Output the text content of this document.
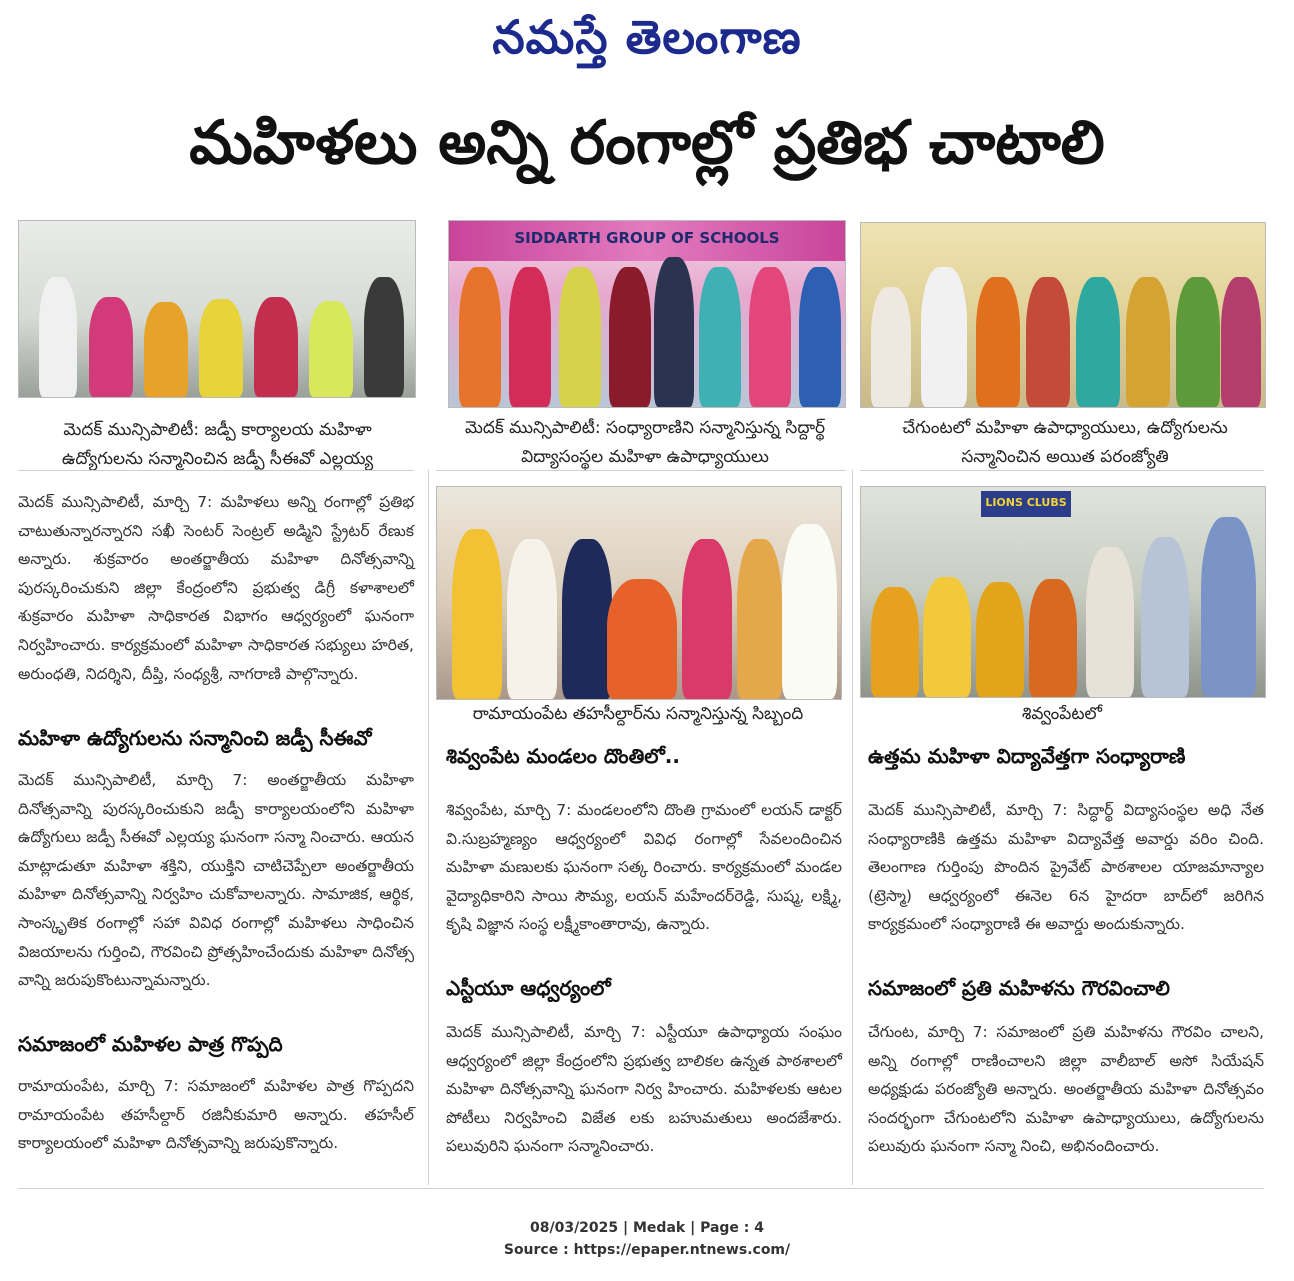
నమస్తే తెలంగాణ
మహిళలు అన్ని రంగాల్లో ప్రతిభ చాటాలి
మెదక్ మున్సిపాలిటీ: జడ్పీ కార్యాలయ మహిళా ఉద్యోగులను సన్మానించిన జడ్పీ సీఈవో ఎల్లయ్య
SIDDARTH GROUP OF SCHOOLS
మెదక్ మున్సిపాలిటీ: సంధ్యారాణిని సన్మానిస్తున్న సిద్దార్థ్ విద్యాసంస్థల మహిళా ఉపాధ్యాయులు
చేగుంటలో మహిళా ఉపాధ్యాయులు, ఉద్యోగులను సన్మానించిన అయిత పరంజ్యోతి
రామాయంపేట తహసీల్దార్‌ను సన్మానిస్తున్న సిబ్బంది
LIONS CLUBS
శివ్వంపేటలో
మెదక్ మున్సిపాలిటీ, మార్చి 7: మహిళలు అన్ని రంగాల్లో ప్రతిభ చాటుతున్నారన్నారని సఖీ సెంటర్ సెంట్రల్ అడ్మిని స్ట్రేటర్ రేణుక అన్నారు. శుక్రవారం అంతర్జాతీయ మహిళా దినోత్సవాన్ని పురస్కరించుకుని జిల్లా కేంద్రంలోని ప్రభుత్వ డిగ్రీ కళాశాలలో శుక్రవారం మహిళా సాధికారత విభాగం ఆధ్వర్యంలో ఘనంగా నిర్వహించారు. కార్యక్రమంలో మహిళా సాధికారత సభ్యులు హరిత, అరుంధతి, నిదర్శిని, దీప్తి, సంధ్యశ్రీ, నాగరాణి పాల్గొన్నారు.
మహిళా ఉద్యోగులను సన్మానించి జడ్పీ సీఈవో
మెదక్ మున్సిపాలిటీ, మార్చి 7: అంతర్జాతీయ మహిళా దినోత్సవాన్ని పురస్కరించుకుని జడ్పీ కార్యాలయంలోని మహిళా ఉద్యోగులు జడ్పీ సీఈవో ఎల్లయ్య ఘనంగా సన్మా నించారు. ఆయన మాట్లాడుతూ మహిళా శక్తిని, యుక్తిని చాటిచెప్పేలా అంతర్జాతీయ మహిళా దినోత్సవాన్ని నిర్వహిం చుకోవాలన్నారు. సామాజిక, ఆర్థిక, సాంస్కృతిక రంగాల్లో సహా వివిధ రంగాల్లో మహిళలు సాధించిన విజయాలను గుర్తించి, గౌరవించి ప్రోత్సహించేందుకు మహిళా దినోత్స వాన్ని జరుపుకొంటున్నామన్నారు.
సమాజంలో మహిళల పాత్ర గొప్పది
రామాయంపేట, మార్చి 7: సమాజంలో మహిళల పాత్ర గొప్పదని రామాయంపేట తహసీల్దార్ రజినీకుమారి అన్నారు. తహసీల్ కార్యాలయంలో మహిళా దినోత్సవాన్ని జరుపుకొన్నారు.
శివ్వంపేట మండలం దొంతిలో..
శివ్వంపేట, మార్చి 7: మండలంలోని దొంతి గ్రామంలో లయన్ డాక్టర్ వి.సుబ్రహ్మణ్యం ఆధ్వర్యంలో వివిధ రంగాల్లో సేవలందించిన మహిళా మణులకు ఘనంగా సత్క రించారు. కార్యక్రమంలో మండల వైద్యాధికారిని సాయి సౌమ్య, లయన్ మహేందర్‌రెడ్డి, సుష్మ, లక్ష్మి, కృషి విజ్ఞాన సంస్థ లక్ష్మీకాంతారావు, ఉన్నారు.
ఎస్టీయూ ఆధ్వర్యంలో
మెదక్ మున్సిపాలిటీ, మార్చి 7: ఎస్టీయూ ఉపాధ్యాయ సంఘం ఆధ్వర్యంలో జిల్లా కేంద్రంలోని ప్రభుత్వ బాలికల ఉన్నత పాఠశాలలో మహిళా దినోత్సవాన్ని ఘనంగా నిర్వ హించారు. మహిళలకు ఆటల పోటీలు నిర్వహించి విజేత లకు బహుమతులు అందజేశారు. పలువురిని ఘనంగా సన్మానించారు.
ఉత్తమ మహిళా విద్యావేత్తగా సంధ్యారాణి
మెదక్ మున్సిపాలిటీ, మార్చి 7: సిద్ధార్థ్ విద్యాసంస్థల అధి నేత సంధ్యారాణికి ఉత్తమ మహిళా విద్యావేత్త అవార్డు వరిం చింది. తెలంగాణ గుర్తింపు పొందిన ప్రైవేట్ పాఠశాలల యాజమాన్యాల (ట్రెస్మా) ఆధ్వర్యంలో ఈనెల 6న హైదరా బాద్‌లో జరిగిన కార్యక్రమంలో సంధ్యారాణి ఈ అవార్డు అందుకున్నారు.
సమాజంలో ప్రతి మహిళను గౌరవించాలి
చేగుంట, మార్చి 7: సమాజంలో ప్రతి మహిళను గౌరవిం చాలని, అన్ని రంగాల్లో రాణించాలని జిల్లా వాలీబాల్ అసో సియేషన్ అధ్యక్షుడు పరంజ్యోతి అన్నారు. అంతర్జాతీయ మహిళా దినోత్సవం సందర్భంగా చేగుంటలోని మహిళా ఉపాధ్యాయులు, ఉద్యోగులను పలువురు ఘనంగా సన్మా నించి, అభినందించారు.
08/03/2025 | Medak | Page : 4
Source : https://epaper.ntnews.com/
